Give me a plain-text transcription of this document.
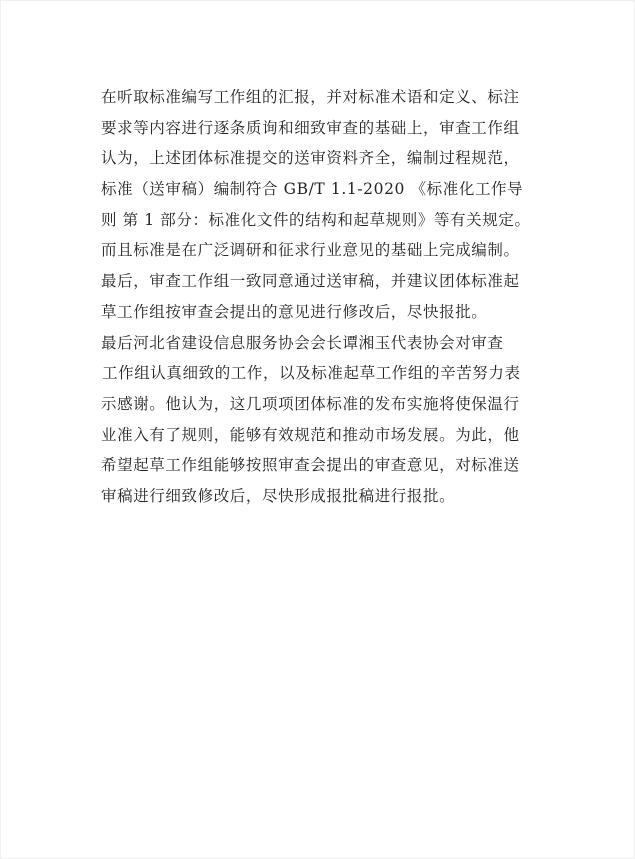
在听取标准编写工作组的汇报，并对标准术语和定义、标注
要求等内容进行逐条质询和细致审查的基础上，审查工作组
认为，上述团体标准提交的送审资料齐全，编制过程规范，
标准（送审稿）编制符合 GB/T 1.1-2020 《标准化工作导
则 第 1 部分：标准化文件的结构和起草规则》等有关规定。
而且标准是在广泛调研和征求行业意见的基础上完成编制。
最后，审查工作组一致同意通过送审稿，并建议团体标准起
草工作组按审查会提出的意见进行修改后，尽快报批。
最后河北省建设信息服务协会会长谭湘玉代表协会对审查
工作组认真细致的工作，以及标准起草工作组的辛苦努力表
示感谢。他认为，这几项项团体标准的发布实施将使保温行
业准入有了规则，能够有效规范和推动市场发展。为此，他
希望起草工作组能够按照审查会提出的审查意见，对标准送
审稿进行细致修改后，尽快形成报批稿进行报批。
